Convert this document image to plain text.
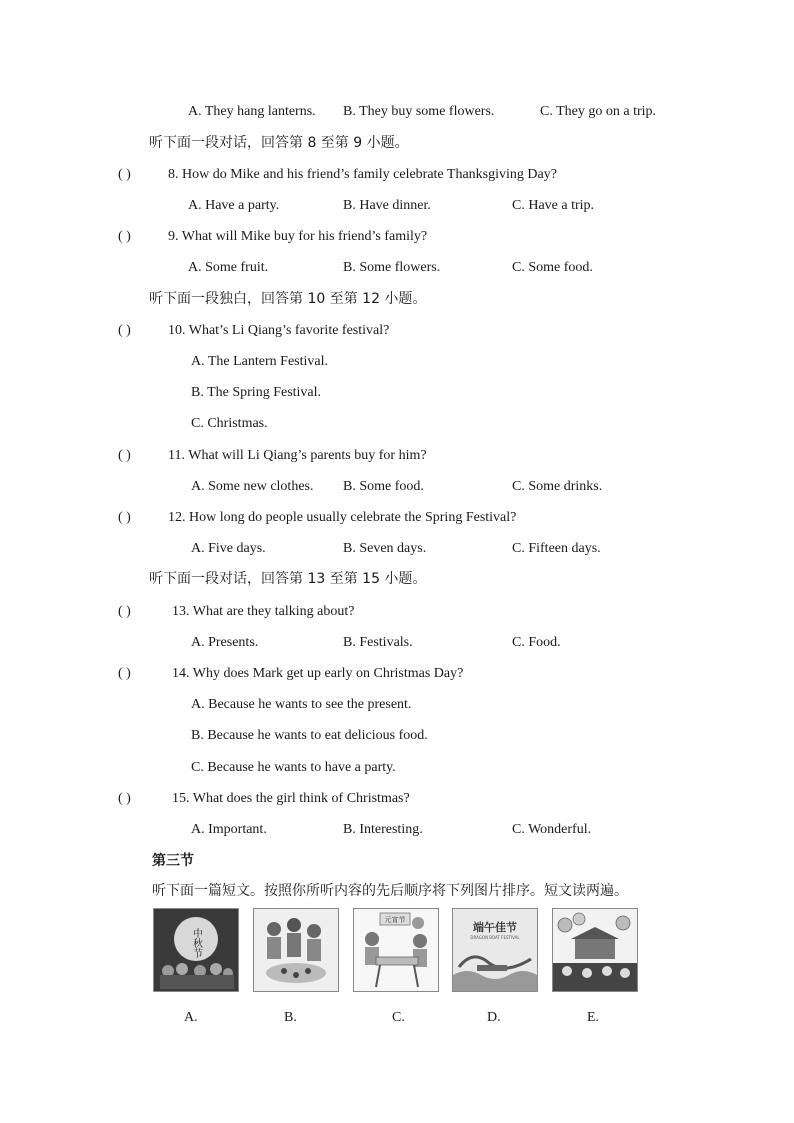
A. They hang lanterns. B. They buy some flowers.	C. They go on a trip.
听下面一段对话，回答第 8 至第 9 小题。
( )	8. How do Mike and his friend’s family celebrate Thanksgiving Day?
A. Have a party.	B. Have dinner.	C. Have a trip.
( )	9. What will Mike buy for his friend’s family?
A. Some fruit.	B. Some flowers.	C. Some food.
听下面一段独白，回答第 10 至第 12 小题。
( )	10. What’s Li Qiang’s favorite festival?
A. The Lantern Festival.
B. The Spring Festival.
C. Christmas.
( )	11. What will Li Qiang’s parents buy for him?
A. Some new clothes. B. Some food.	C. Some drinks.
( )	12. How long do people usually celebrate the Spring Festival?
A. Five days.	B. Seven days.	C. Fifteen days.
听下面一段对话，回答第 13 至第 15 小题。
( )	13. What are they talking about?
A. Presents.	B. Festivals.	C. Food.
( )	14. Why does Mark get up early on Christmas Day?
A. Because he wants to see the present.
B. Because he wants to eat delicious food.
C. Because he wants to have a party.
( )	15. What does the girl think of Christmas?
A. Important.	B. Interesting.	C. Wonderful.
第三节
听下面一篇短文。按照你所听内容的先后顺序将下列图片排序。短文读两遍。
中秋节
元宵节
端午佳节
DRAGON BOAT FESTIVAL
A.	B.	C.	D.	E.
